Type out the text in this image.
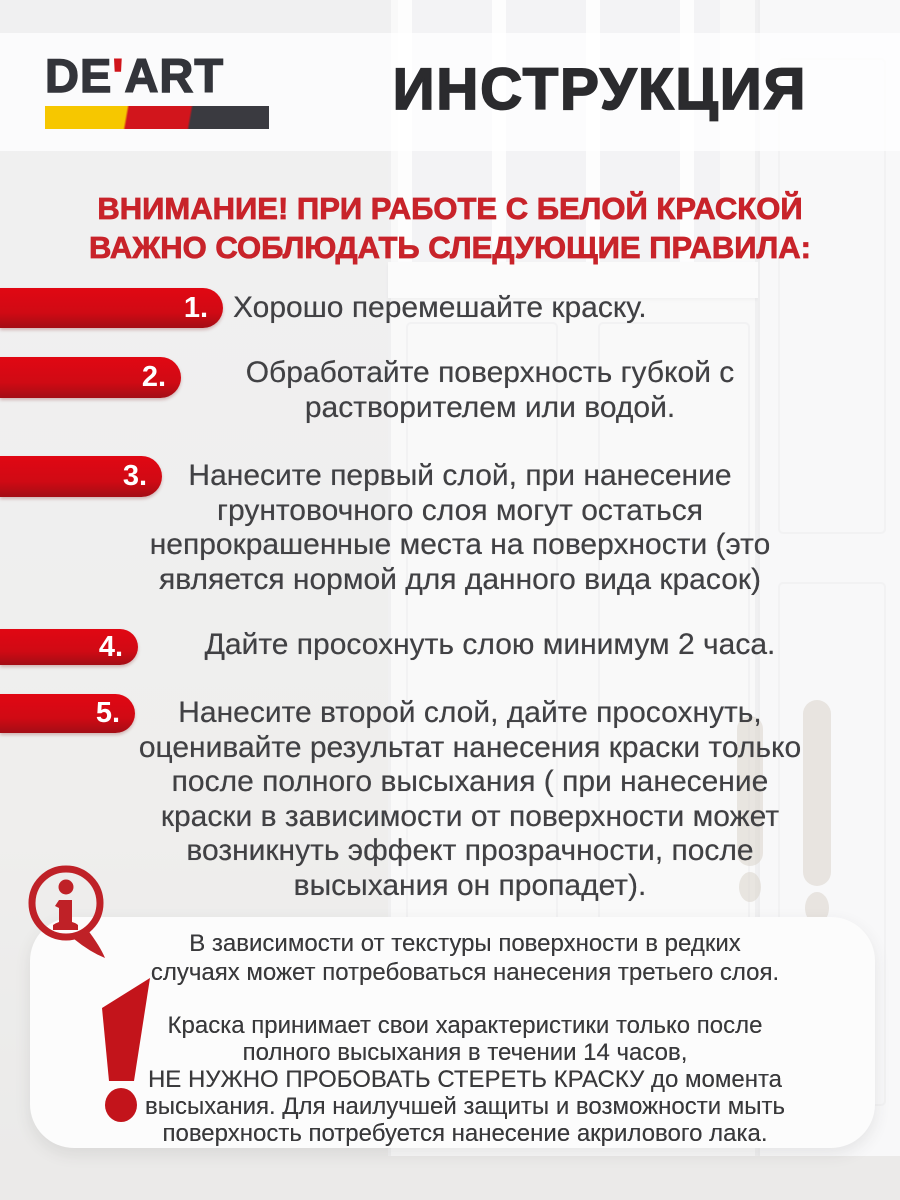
DE'ART	ИНСТРУКЦИЯ
ВНИМАНИЕ! ПРИ РАБОТЕ С БЕЛОЙ КРАСКОЙ
ВАЖНО СОБЛЮДАТЬ СЛЕДУЮЩИЕ ПРАВИЛА:
1. Хорошо перемешайте краску.
2.	Обработайте поверхность губкой с
растворителем или водой.
3.	Нанесите первый слой, при нанесение
грунтовочного слоя могут остаться
непрокрашенные места на поверхности (это
является нормой для данного вида красок)
4.	Дайте просохнуть слою минимум 2 часа.
5.	Нанесите второй слой, дайте просохнуть,
оценивайте результат нанесения краски только
после полного высыхания ( при нанесение
краски в зависимости от поверхности может
возникнуть эффект прозрачности, после
высыхания он пропадет).
В зависимости от текстуры поверхности в редких
случаях может потребоваться нанесения третьего слоя.
Краска принимает свои характеристики только после
полного высыхания в течении 14 часов,
НЕ НУЖНО ПРОБОВАТЬ СТЕРЕТЬ КРАСКУ до момента
высыхания. Для наилучшей защиты и возможности мыть
поверхность потребуется нанесение акрилового лака.
